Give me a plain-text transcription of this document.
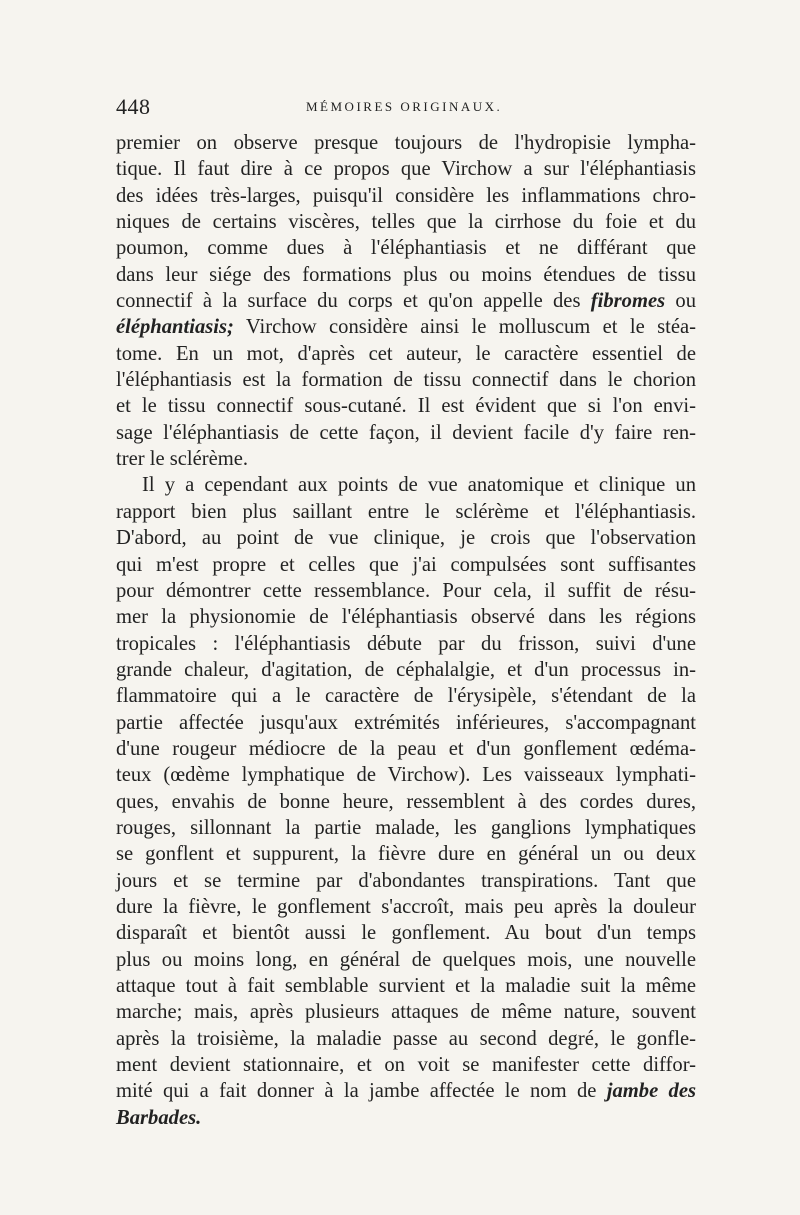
448	MÉMOIRES ORIGINAUX.
premier on observe presque toujours de l'hydropisie lympha-
tique. Il faut dire à ce propos que Virchow a sur l'éléphantiasis
des idées très-larges, puisqu'il considère les inflammations chro-
niques de certains viscères, telles que la cirrhose du foie et du
poumon, comme dues à l'éléphantiasis et ne différant que
dans leur siége des formations plus ou moins étendues de tissu
connectif à la surface du corps et qu'on appelle des fibromes ou
éléphantiasis; Virchow considère ainsi le molluscum et le stéa-
tome. En un mot, d'après cet auteur, le caractère essentiel de
l'éléphantiasis est la formation de tissu connectif dans le chorion
et le tissu connectif sous-cutané. Il est évident que si l'on envi-
sage l'éléphantiasis de cette façon, il devient facile d'y faire ren-
trer le sclérème.
Il y a cependant aux points de vue anatomique et clinique un
rapport bien plus saillant entre le sclérème et l'éléphantiasis.
D'abord, au point de vue clinique, je crois que l'observation
qui m'est propre et celles que j'ai compulsées sont suffisantes
pour démontrer cette ressemblance. Pour cela, il suffit de résu-
mer la physionomie de l'éléphantiasis observé dans les régions
tropicales : l'éléphantiasis débute par du frisson, suivi d'une
grande chaleur, d'agitation, de céphalalgie, et d'un processus in-
flammatoire qui a le caractère de l'érysipèle, s'étendant de la
partie affectée jusqu'aux extrémités inférieures, s'accompagnant
d'une rougeur médiocre de la peau et d'un gonflement œdéma-
teux (œdème lymphatique de Virchow). Les vaisseaux lymphati-
ques, envahis de bonne heure, ressemblent à des cordes dures,
rouges, sillonnant la partie malade, les ganglions lymphatiques
se gonflent et suppurent, la fièvre dure en général un ou deux
jours et se termine par d'abondantes transpirations. Tant que
dure la fièvre, le gonflement s'accroît, mais peu après la douleur
disparaît et bientôt aussi le gonflement. Au bout d'un temps
plus ou moins long, en général de quelques mois, une nouvelle
attaque tout à fait semblable survient et la maladie suit la même
marche; mais, après plusieurs attaques de même nature, souvent
après la troisième, la maladie passe au second degré, le gonfle-
ment devient stationnaire, et on voit se manifester cette diffor-
mité qui a fait donner à la jambe affectée le nom de jambe des
Barbades.
